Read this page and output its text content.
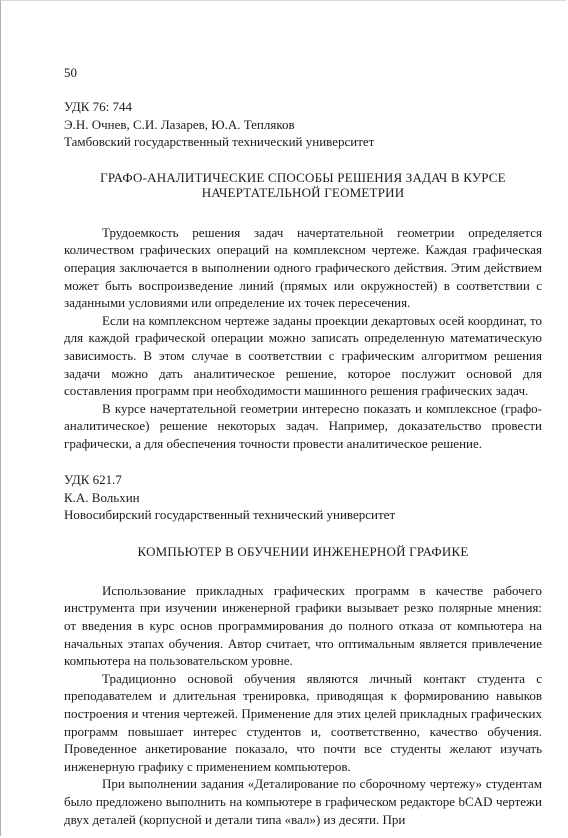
50
УДК 76: 744
Э.Н. Очнев, С.И. Лазарев, Ю.А. Тепляков
Тамбовский государственный технический университет
ГРАФО-АНАЛИТИЧЕСКИЕ СПОСОБЫ РЕШЕНИЯ ЗАДАЧ В КУРСЕ
НАЧЕРТАТЕЛЬНОЙ ГЕОМЕТРИИ

Трудоемкость решения задач начертательной геометрии определяется количеством графических операций на комплексном чертеже. Каждая графическая операция заключается в выполнении одного графического действия. Этим действием может быть воспроизведение линий (прямых или окружностей) в соответствии с заданными условиями или определение их точек пересечения.

Если на комплексном чертеже заданы проекции декартовых осей координат, то для каждой графической операции можно записать определенную математическую зависимость. В этом случае в соответствии с графическим алгоритмом решения задачи можно дать аналитическое решение, которое послужит основой для составления программ при необходимости машинного решения графических задач.

В курсе начертательной геометрии интересно показать и комплексное (графо-аналитическое) решение некоторых задач. Например, доказательство провести графически, а для обеспечения точности провести аналитическое решение.

УДК 621.7
К.А. Вольхин
Новосибирский государственный технический университет
КОМПЬЮТЕР В ОБУЧЕНИИ ИНЖЕНЕРНОЙ ГРАФИКЕ

Использование прикладных графических программ в качестве рабочего инструмента при изучении инженерной графики вызывает резко полярные мнения: от введения в курс основ программирования до полного отказа от компьютера на начальных этапах обучения. Автор считает, что оптимальным является привлечение компьютера на пользовательском уровне.

Традиционно основой обучения являются личный контакт студента с преподавателем и длительная тренировка, приводящая к формированию навыков построения и чтения чертежей. Применение для этих целей прикладных графических программ повышает интерес студентов и, соответственно, качество обучения. Проведенное анкетирование показало, что почти все студенты желают изучать инженерную графику с применением компьютеров.

При выполнении задания «Деталирование по сборочному чертежу» студентам было предложено выполнить на компьютере в графическом редакторе bCAD чертежи двух деталей (корпусной и детали типа «вал») из десяти. При
